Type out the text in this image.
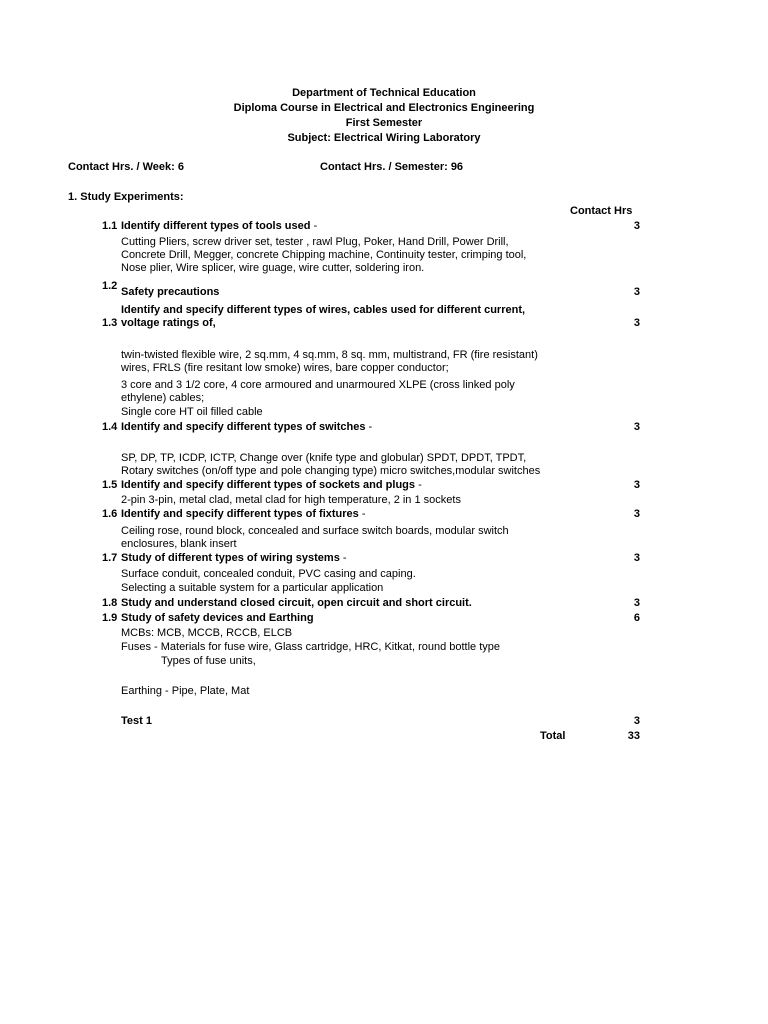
Department of Technical Education
Diploma Course in Electrical and Electronics Engineering
First Semester
Subject: Electrical Wiring Laboratory
Contact Hrs. / Week: 6	Contact Hrs. / Semester: 96
1. Study Experiments:
Contact Hrs
1.1 Identify different types of tools used -	3
Cutting Pliers, screw driver set, tester , rawl Plug, Poker, Hand Drill, Power Drill,
Concrete Drill, Megger, concrete Chipping machine, Continuity tester, crimping tool,
Nose plier, Wire splicer, wire guage, wire cutter, soldering iron.
1.2 Safety precautions	3
Identify and specify different types of wires, cables used for different current,
1.3 voltage ratings of,	3
twin-twisted flexible wire, 2 sq.mm, 4 sq.mm, 8 sq. mm, multistrand, FR (fire resistant)
wires, FRLS (fire resitant low smoke) wires, bare copper conductor;
3 core and 3 1/2 core, 4 core armoured and unarmoured XLPE (cross linked poly
ethylene) cables;
Single core HT oil filled cable
1.4 Identify and specify different types of switches -	3
SP, DP, TP, ICDP, ICTP, Change over (knife type and globular) SPDT, DPDT, TPDT,
Rotary switches (on/off type and pole changing type) micro switches,modular switches
1.5 Identify and specify different types of sockets and plugs -	3
2-pin 3-pin, metal clad, metal clad for high temperature, 2 in 1 sockets
1.6 Identify and specify different types of fixtures -	3
Ceiling rose, round block, concealed and surface switch boards, modular switch
enclosures, blank insert
1.7 Study of different types of wiring systems -	3
Surface conduit, concealed conduit, PVC casing and caping.
Selecting a suitable system for a particular application
1.8 Study and understand closed circuit, open circuit and short circuit.	3
1.9 Study of safety devices and Earthing	6
MCBs: MCB, MCCB, RCCB, ELCB
Fuses - Materials for fuse wire, Glass cartridge, HRC, Kitkat, round bottle type
Types of fuse units,
Earthing - Pipe, Plate, Mat
Test 1	3
Total	33
